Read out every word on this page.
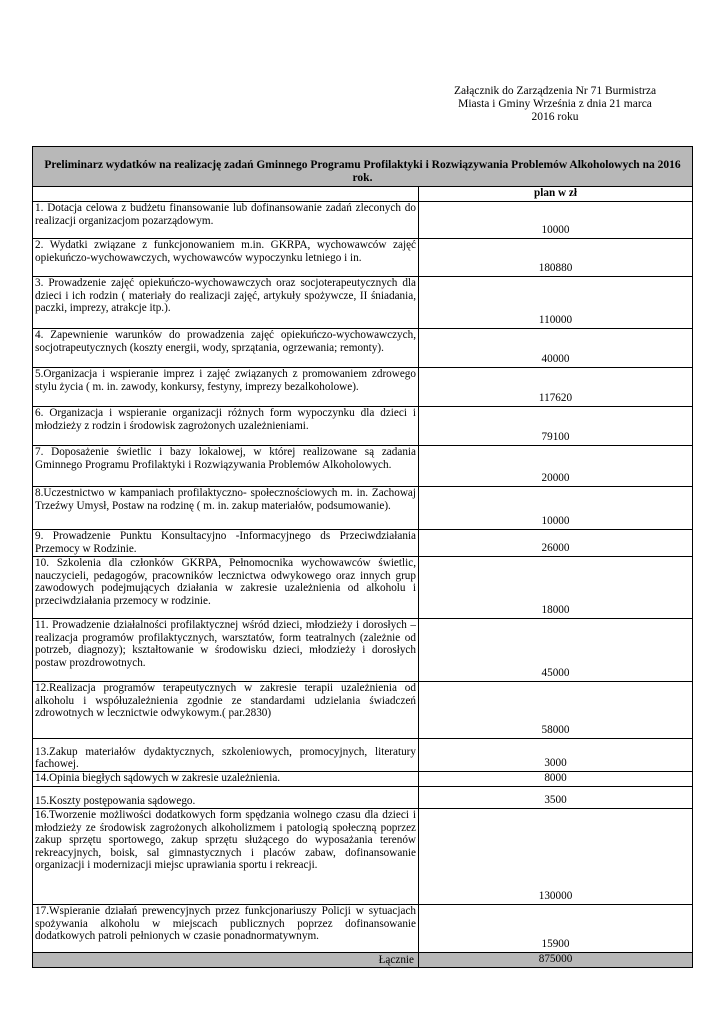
Załącznik do Zarządzenia Nr 71 Burmistrza
Miasta i Gminy Września z dnia 21 marca
2016 roku
Preliminarz wydatków na realizację zadań Gminnego Programu Profilaktyki i Rozwiązywania Problemów Alkoholowych na 2016 rok.	
	plan w zł
1. Dotacja celowa z budżetu finansowanie lub dofinansowanie zadań zleconych do realizacji organizacjom pozarządowym.	10000
2. Wydatki związane z funkcjonowaniem m.in. GKRPA, wychowawców zajęć opiekuńczo-wychowawczych, wychowawców wypoczynku letniego i in.	180880
3. Prowadzenie zajęć opiekuńczo-wychowawczych oraz socjoterapeutycznych dla dzieci i ich rodzin ( materiały do realizacji zajęć, artykuły spożywcze, II śniadania, paczki, imprezy, atrakcje itp.).	110000
4. Zapewnienie warunków do prowadzenia zajęć opiekuńczo-wychowawczych, socjotrapeutycznych (koszty energii, wody, sprzątania, ogrzewania; remonty).	40000
5.Organizacja i wspieranie imprez i zajęć związanych z promowaniem zdrowego stylu życia ( m. in. zawody, konkursy, festyny, imprezy bezalkoholowe).	117620
6. Organizacja i wspieranie organizacji różnych form wypoczynku dla dzieci i młodzieży z rodzin i środowisk zagrożonych uzależnieniami.	79100
7. Doposażenie świetlic i bazy lokalowej, w której realizowane są zadania Gminnego Programu Profilaktyki i Rozwiązywania Problemów Alkoholowych.	20000
8.Uczestnictwo w kampaniach profilaktyczno- społecznościowych m. in. Zachowaj Trzeźwy Umysł, Postaw na rodzinę ( m. in. zakup materiałów, podsumowanie).	10000
9. Prowadzenie Punktu Konsultacyjno -Informacyjnego ds Przeciwdziałania Przemocy w Rodzinie.	26000
10. Szkolenia dla członków GKRPA, Pełnomocnika wychowawców świetlic, nauczycieli, pedagogów, pracowników lecznictwa odwykowego oraz innych grup zawodowych podejmujących działania w zakresie uzależnienia od alkoholu i przeciwdziałania przemocy w rodzinie.	18000
11. Prowadzenie działalności profilaktycznej wśród dzieci, młodzieży i dorosłych – realizacja programów profilaktycznych, warsztatów, form teatralnych (zależnie od potrzeb, diagnozy); kształtowanie w środowisku dzieci, młodzieży i dorosłych postaw prozdrowotnych.	45000
12.Realizacja programów terapeutycznych w zakresie terapii uzależnienia od alkoholu i współuzależnienia zgodnie ze standardami udzielania świadczeń zdrowotnych w lecznictwie odwykowym.( par.2830)	58000
13.Zakup materiałów dydaktycznych, szkoleniowych, promocyjnych, literatury fachowej.	3000
14.Opinia biegłych sądowych w zakresie uzależnienia.	8000
15.Koszty postępowania sądowego.	3500
16.Tworzenie możliwości dodatkowych form spędzania wolnego czasu dla dzieci i młodzieży ze środowisk zagrożonych alkoholizmem i patologią społeczną poprzez zakup sprzętu sportowego, zakup sprzętu służącego do wyposażania terenów rekreacyjnych, boisk, sal gimnastycznych i placów zabaw, dofinansowanie organizacji i modernizacji miejsc uprawiania sportu i rekreacji.	130000
17.Wspieranie działań prewencyjnych przez funkcjonariuszy Policji w sytuacjach spożywania alkoholu w miejscach publicznych poprzez dofinansowanie dodatkowych patroli pełnionych w czasie ponadnormatywnym.	15900
Łącznie	875000
